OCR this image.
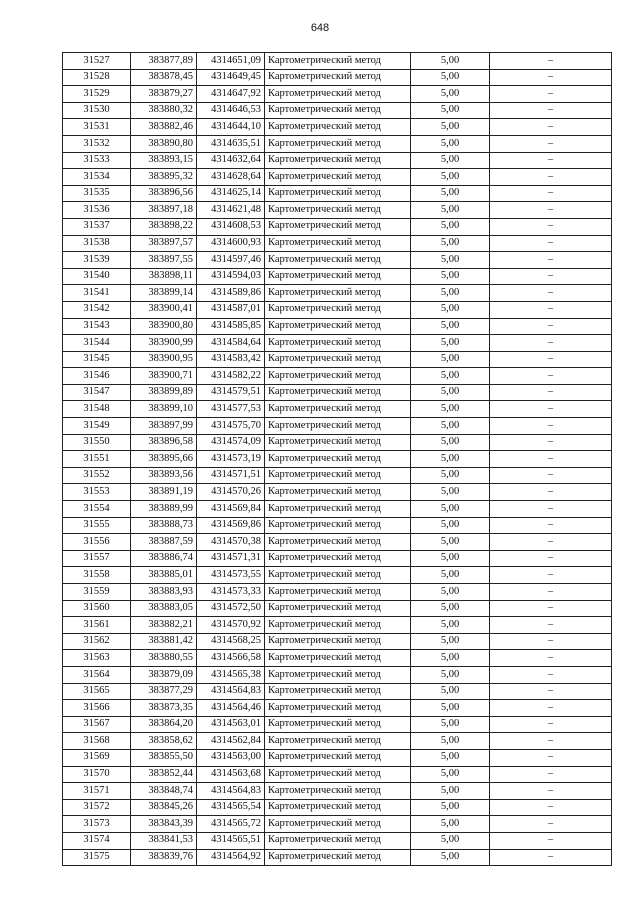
648
31527	383877,89	4314651,09	Картометрический метод	5,00	–
31528	383878,45	4314649,45	Картометрический метод	5,00	–
31529	383879,27	4314647,92	Картометрический метод	5,00	–
31530	383880,32	4314646,53	Картометрический метод	5,00	–
31531	383882,46	4314644,10	Картометрический метод	5,00	–
31532	383890,80	4314635,51	Картометрический метод	5,00	–
31533	383893,15	4314632,64	Картометрический метод	5,00	–
31534	383895,32	4314628,64	Картометрический метод	5,00	–
31535	383896,56	4314625,14	Картометрический метод	5,00	–
31536	383897,18	4314621,48	Картометрический метод	5,00	–
31537	383898,22	4314608,53	Картометрический метод	5,00	–
31538	383897,57	4314600,93	Картометрический метод	5,00	–
31539	383897,55	4314597,46	Картометрический метод	5,00	–
31540	383898,11	4314594,03	Картометрический метод	5,00	–
31541	383899,14	4314589,86	Картометрический метод	5,00	–
31542	383900,41	4314587,01	Картометрический метод	5,00	–
31543	383900,80	4314585,85	Картометрический метод	5,00	–
31544	383900,99	4314584,64	Картометрический метод	5,00	–
31545	383900,95	4314583,42	Картометрический метод	5,00	–
31546	383900,71	4314582,22	Картометрический метод	5,00	–
31547	383899,89	4314579,51	Картометрический метод	5,00	–
31548	383899,10	4314577,53	Картометрический метод	5,00	–
31549	383897,99	4314575,70	Картометрический метод	5,00	–
31550	383896,58	4314574,09	Картометрический метод	5,00	–
31551	383895,66	4314573,19	Картометрический метод	5,00	–
31552	383893,56	4314571,51	Картометрический метод	5,00	–
31553	383891,19	4314570,26	Картометрический метод	5,00	–
31554	383889,99	4314569,84	Картометрический метод	5,00	–
31555	383888,73	4314569,86	Картометрический метод	5,00	–
31556	383887,59	4314570,38	Картометрический метод	5,00	–
31557	383886,74	4314571,31	Картометрический метод	5,00	–
31558	383885,01	4314573,55	Картометрический метод	5,00	–
31559	383883,93	4314573,33	Картометрический метод	5,00	–
31560	383883,05	4314572,50	Картометрический метод	5,00	–
31561	383882,21	4314570,92	Картометрический метод	5,00	–
31562	383881,42	4314568,25	Картометрический метод	5,00	–
31563	383880,55	4314566,58	Картометрический метод	5,00	–
31564	383879,09	4314565,38	Картометрический метод	5,00	–
31565	383877,29	4314564,83	Картометрический метод	5,00	–
31566	383873,35	4314564,46	Картометрический метод	5,00	–
31567	383864,20	4314563,01	Картометрический метод	5,00	–
31568	383858,62	4314562,84	Картометрический метод	5,00	–
31569	383855,50	4314563,00	Картометрический метод	5,00	–
31570	383852,44	4314563,68	Картометрический метод	5,00	–
31571	383848,74	4314564,83	Картометрический метод	5,00	–
31572	383845,26	4314565,54	Картометрический метод	5,00	–
31573	383843,39	4314565,72	Картометрический метод	5,00	–
31574	383841,53	4314565,51	Картометрический метод	5,00	–
31575	383839,76	4314564,92	Картометрический метод	5,00	–
